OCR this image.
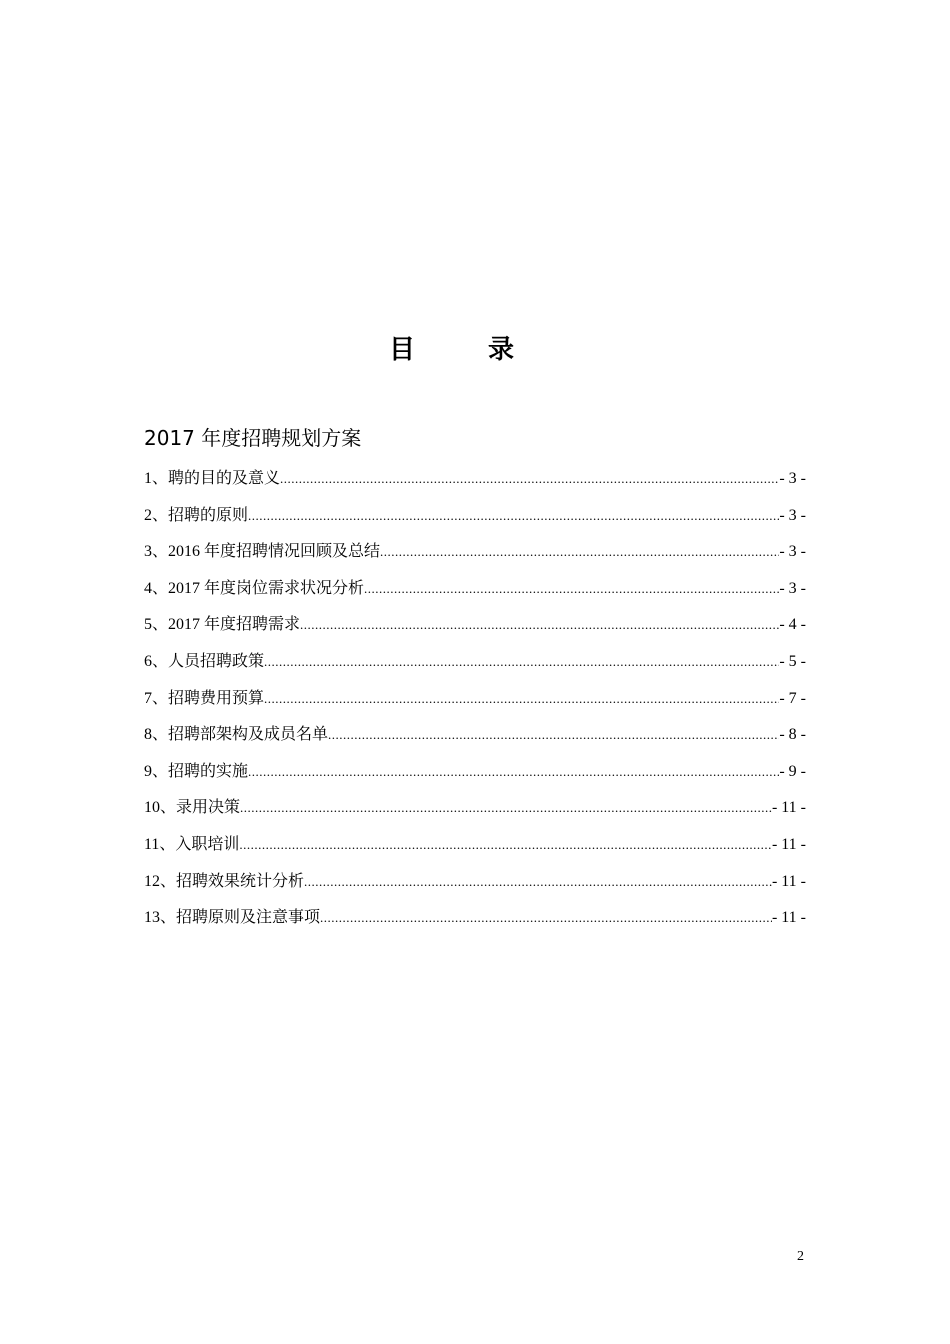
目 录
2017 年度招聘规划方案
1、聘的目的及意义 .....	- 3 -
2、招聘的原则 .....	- 3 -
3、2016 年度招聘情况回顾及总结 .....	- 3 -
4、2017 年度岗位需求状况分析 .....	- 3 -
5、2017 年度招聘需求 .....	- 4 -
6、人员招聘政策 .....	- 5 -
7、招聘费用预算 .....	- 7 -
8、招聘部架构及成员名单 .....	- 8 -
9、招聘的实施 .....	- 9 -
10、录用决策 .....	- 11 -
11、入职培训 .....	- 11 -
12、招聘效果统计分析 .....	- 11 -
13、招聘原则及注意事项 .....	- 11 -
2
